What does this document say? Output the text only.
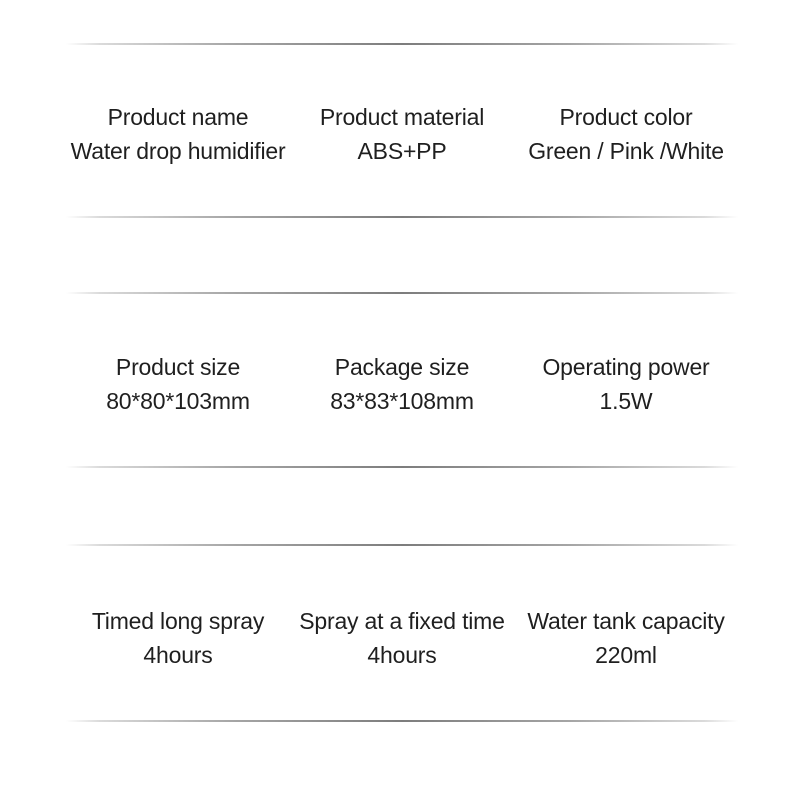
Product name
Water drop humidifier
Product material
ABS+PP
Product color
Green / Pink /White
Product size
80*80*103mm
Package size
83*83*108mm
Operating power
1.5W
Timed long spray
4hours
Spray at a fixed time
4hours
Water tank capacity
220ml
